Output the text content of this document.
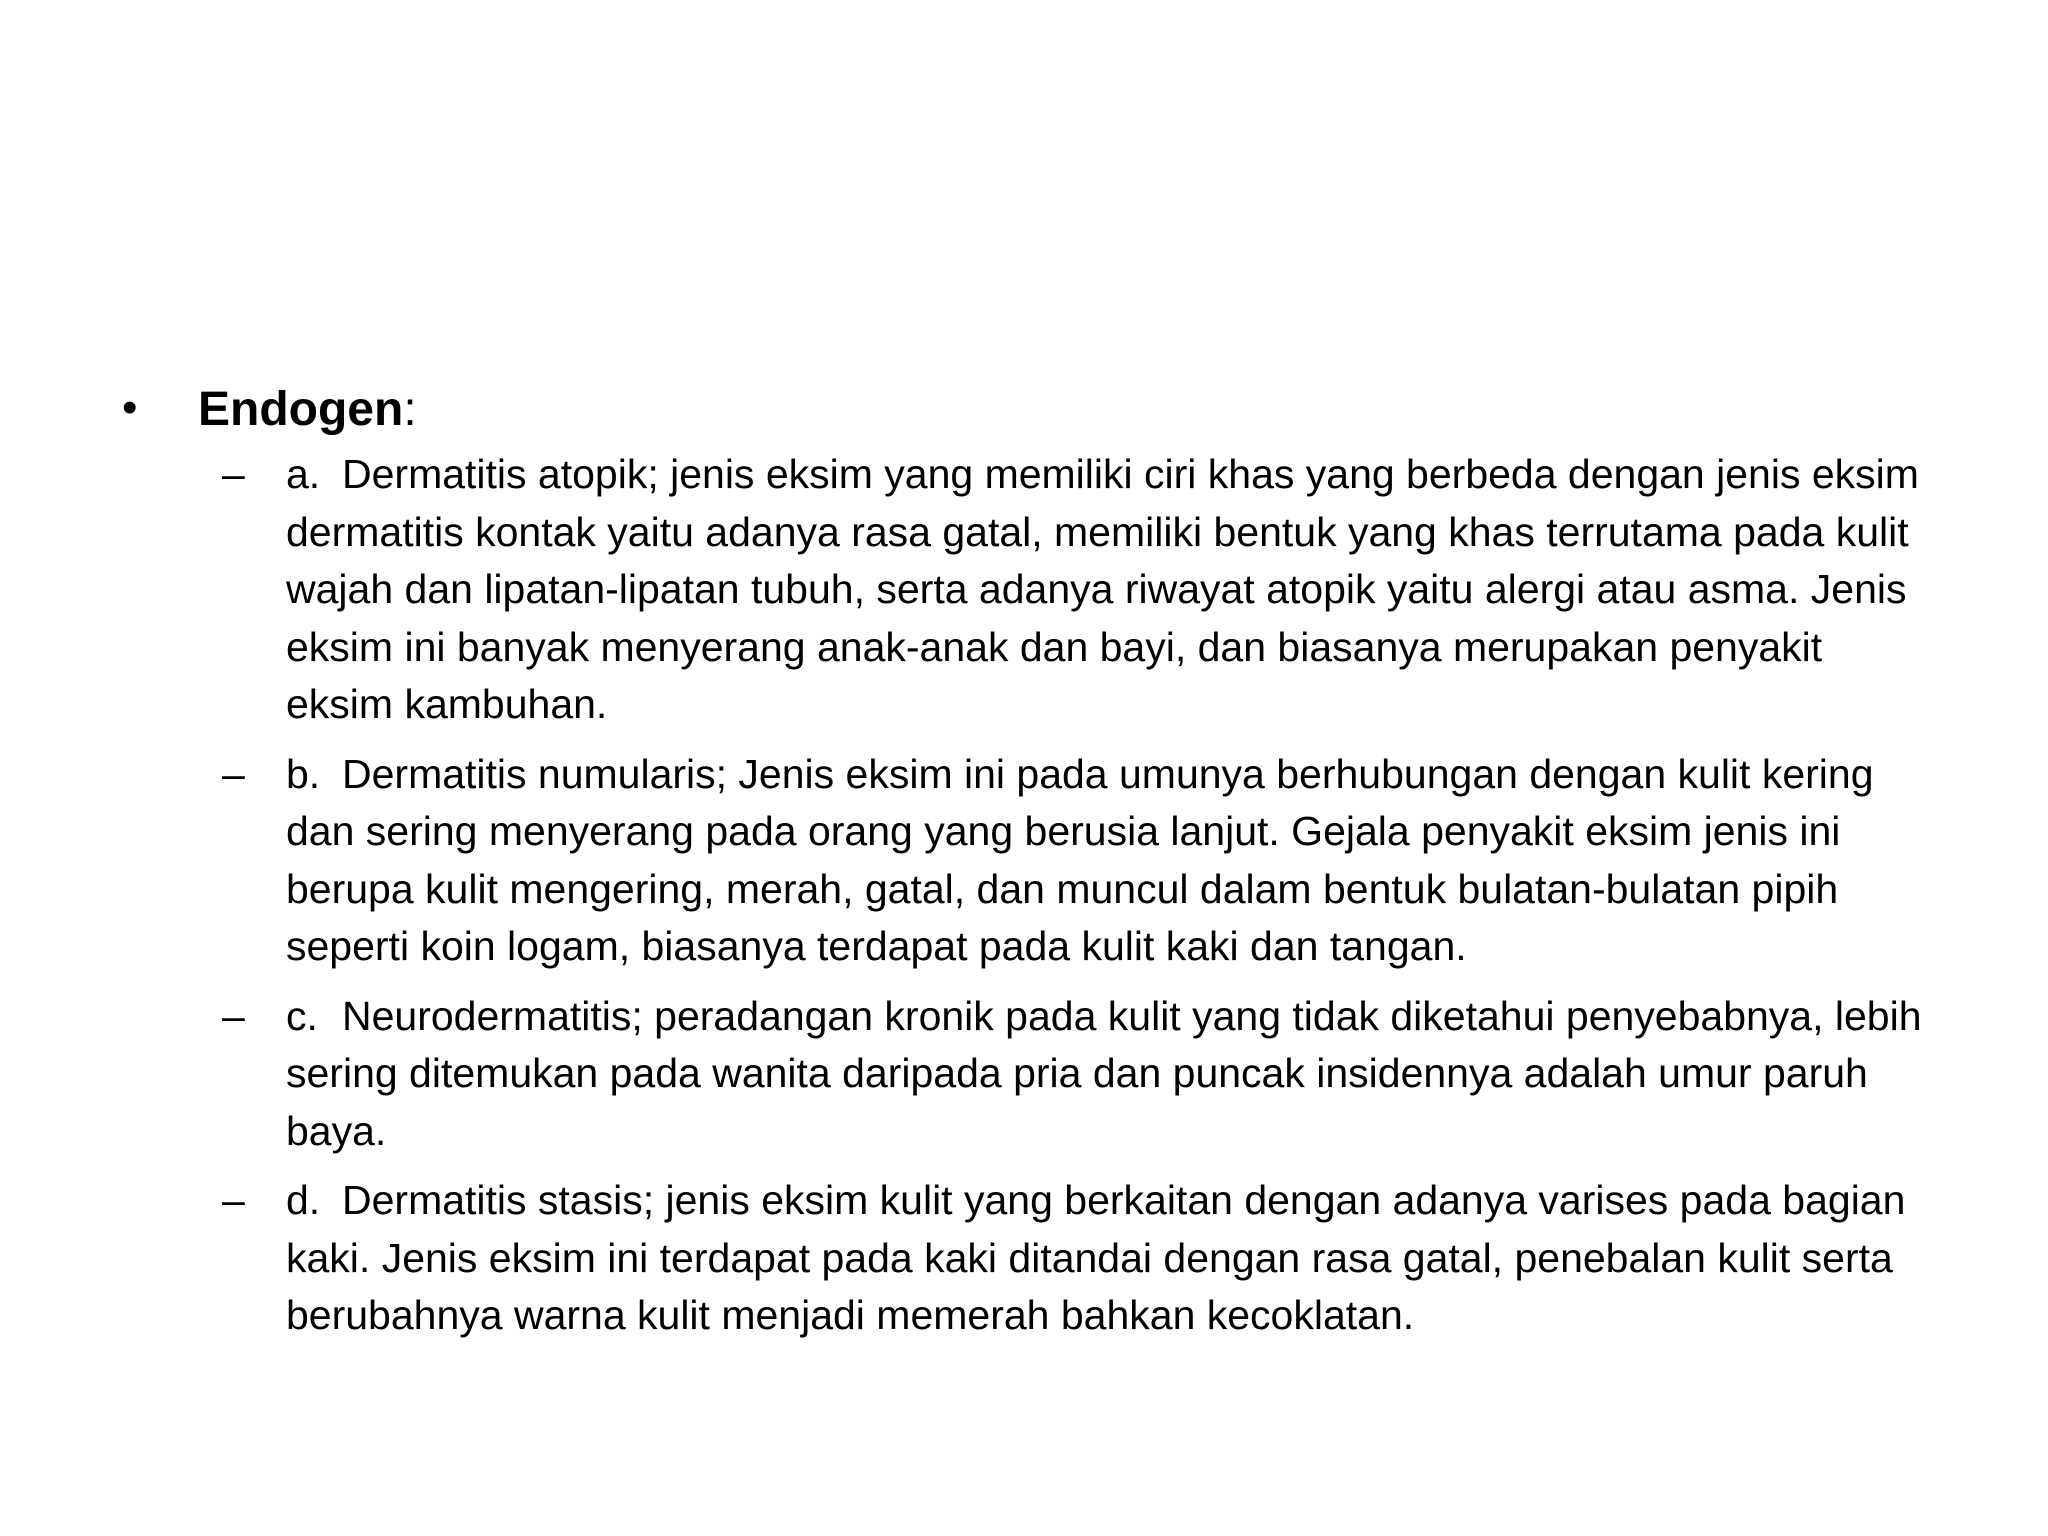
• Endogen:
– a. Dermatitis atopik; jenis eksim yang memiliki ciri khas yang berbeda dengan jenis eksim dermatitis kontak yaitu adanya rasa gatal, memiliki bentuk yang khas terrutama pada kulit wajah dan lipatan-lipatan tubuh, serta adanya riwayat atopik yaitu alergi atau asma. Jenis eksim ini banyak menyerang anak-anak dan bayi, dan biasanya merupakan penyakit eksim kambuhan.
– b. Dermatitis numularis; Jenis eksim ini pada umunya berhubungan dengan kulit kering dan sering menyerang pada orang yang berusia lanjut. Gejala penyakit eksim jenis ini berupa kulit mengering, merah, gatal, dan muncul dalam bentuk bulatan-bulatan pipih seperti koin logam, biasanya terdapat pada kulit kaki dan tangan.
– c. Neurodermatitis; peradangan kronik pada kulit yang tidak diketahui penyebabnya, lebih sering ditemukan pada wanita daripada pria dan puncak insidennya adalah umur paruh baya.
– d. Dermatitis stasis; jenis eksim kulit yang berkaitan dengan adanya varises pada bagian kaki. Jenis eksim ini terdapat pada kaki ditandai dengan rasa gatal, penebalan kulit serta berubahnya warna kulit menjadi memerah bahkan kecoklatan.
